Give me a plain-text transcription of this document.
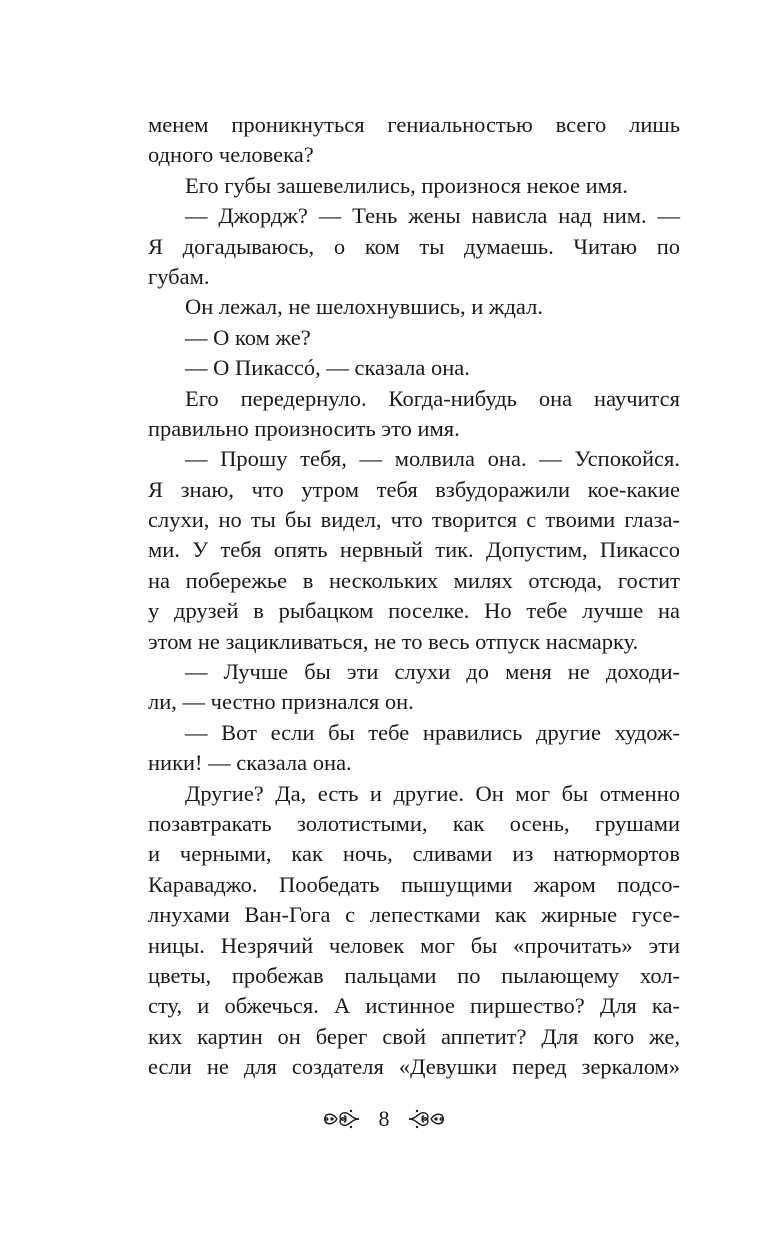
менем проникнуться гениальностью всего лишь
одного человека?
Его губы зашевелились, произнося некое имя.
— Джордж? — Тень жены нависла над ним. —
Я догадываюсь, о ком ты думаешь. Читаю по
губам.
Он лежал, не шелохнувшись, и ждал.
— О ком же?
— О Пикассó, — сказала она.
Его передернуло. Когда-нибудь она научится
правильно произносить это имя.
— Прошу тебя, — молвила она. — Успокойся.
Я знаю, что утром тебя взбудоражили кое-какие
слухи, но ты бы видел, что творится с твоими глаза-
ми. У тебя опять нервный тик. Допустим, Пикассо
на побережье в нескольких милях отсюда, гостит
у друзей в рыбацком поселке. Но тебе лучше на
этом не зацикливаться, не то весь отпуск насмарку.
— Лучше бы эти слухи до меня не доходи-
ли, — честно признался он.
— Вот если бы тебе нравились другие худож-
ники! — сказала она.
Другие? Да, есть и другие. Он мог бы отменно
позавтракать золотистыми, как осень, грушами
и черными, как ночь, сливами из натюрмортов
Караваджо. Пообедать пышущими жаром подсо-
лнухами Ван-Гога с лепестками как жирные гусе-
ницы. Незрячий человек мог бы «прочитать» эти
цветы, пробежав пальцами по пылающему хол-
сту, и обжечься. А истинное пиршество? Для ка-
ких картин он берег свой аппетит? Для кого же,
если не для создателя «Девушки перед зеркалом»
8
